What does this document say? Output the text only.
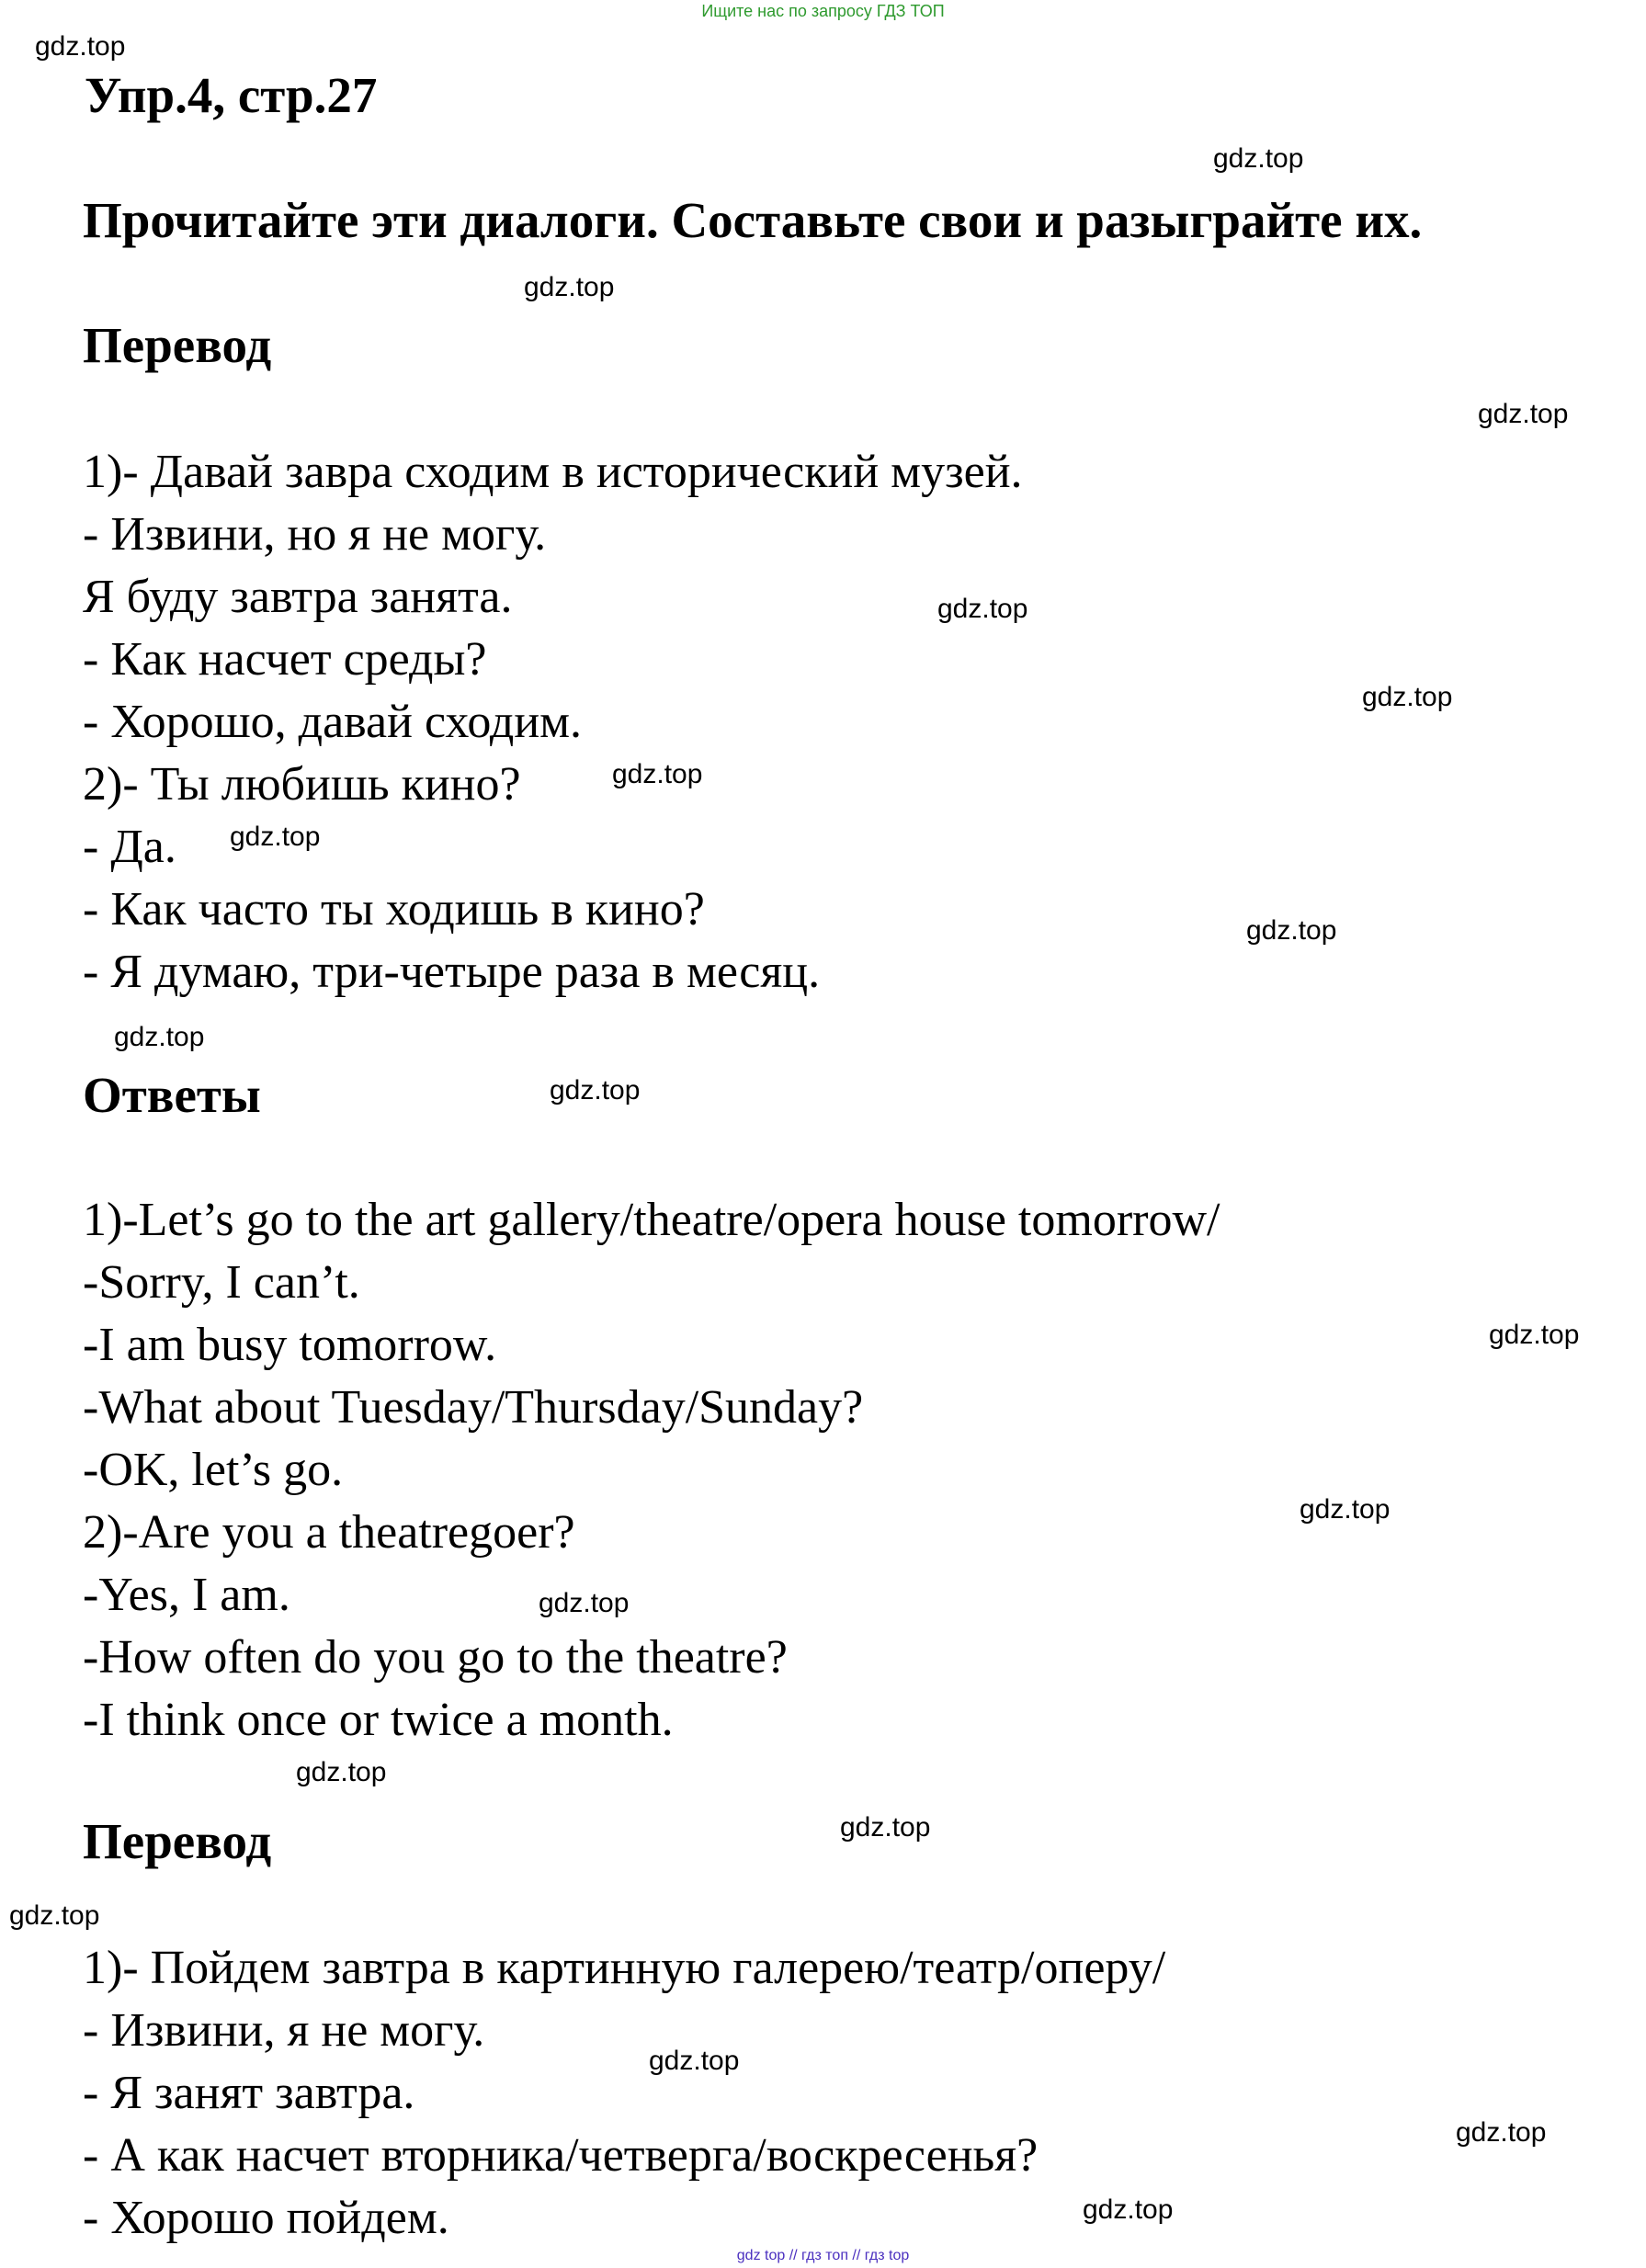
Ищите нас по запросу ГДЗ ТОП
Упр.4, стр.27
Прочитайте эти диалоги. Составьте свои и разыграйте их.
Перевод
1)- Давай завра сходим в исторический музей.
- Извини, но я не могу.
Я буду завтра занята.
- Как насчет среды?
- Хорошо, давай сходим.
2)- Ты любишь кино?
- Да.
- Как часто ты ходишь в кино?
- Я думаю, три-четыре раза в месяц.
Ответы
1)-Let’s go to the art gallery/theatre/opera house tomorrow/
-Sorry, I can’t.
-I am busy tomorrow.
-What about Tuesday/Thursday/Sunday?
-OK, let’s go.
2)-Are you a theatregoer?
-Yes, I am.
-How often do you go to the theatre?
-I think once or twice a month.
Перевод
1)- Пойдем завтра в картинную галерею/театр/оперу/
- Извини, я не могу.
- Я занят завтра.
- А как насчет вторника/четверга/воскресенья?
- Хорошо пойдем.
gdz.top
gdz.top
gdz.top
gdz.top
gdz.top
gdz.top
gdz.top
gdz.top
gdz.top
gdz.top
gdz.top
gdz.top
gdz.top
gdz.top
gdz.top
gdz.top
gdz.top
gdz.top
gdz.top
gdz.top
gdz top // гдз топ // гдз top
